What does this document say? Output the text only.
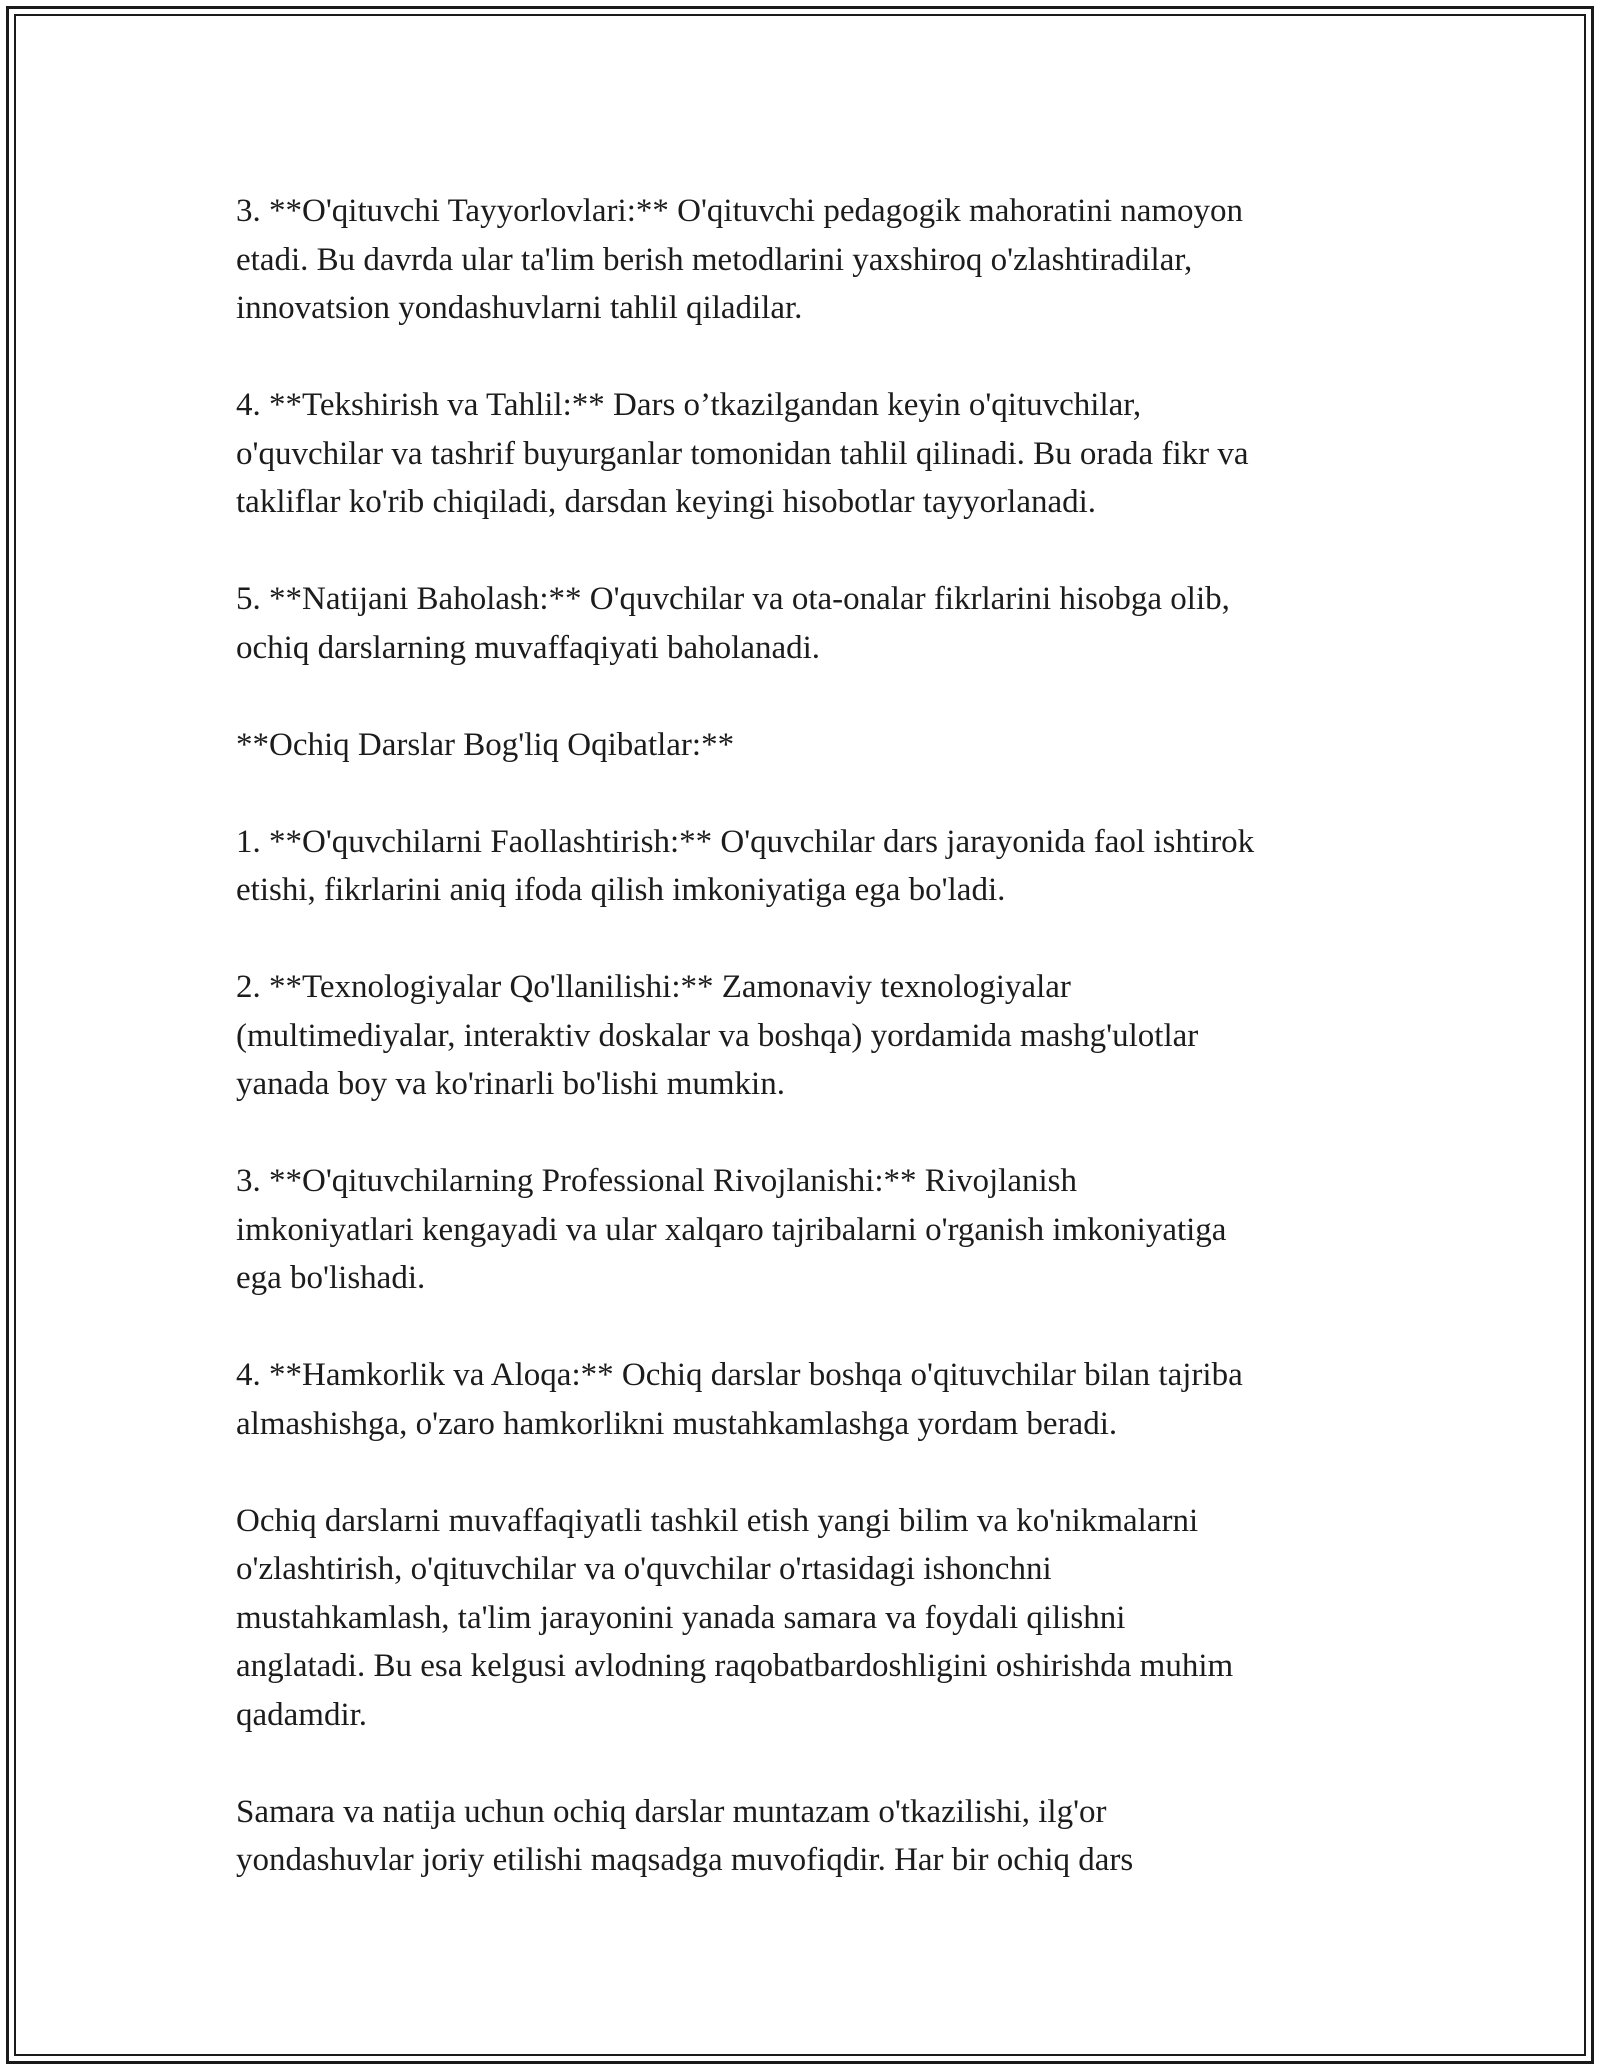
3. **O'qituvchi Tayyorlovlari:** O'qituvchi pedagogik mahoratini namoyon
etadi. Bu davrda ular ta'lim berish metodlarini yaxshiroq o'zlashtiradilar,
innovatsion yondashuvlarni tahlil qiladilar.

4. **Tekshirish va Tahlil:** Dars o’tkazilgandan keyin o'qituvchilar,
o'quvchilar va tashrif buyurganlar tomonidan tahlil qilinadi. Bu orada fikr va
takliflar ko'rib chiqiladi, darsdan keyingi hisobotlar tayyorlanadi.

5. **Natijani Baholash:** O'quvchilar va ota-onalar fikrlarini hisobga olib,
ochiq darslarning muvaffaqiyati baholanadi.

**Ochiq Darslar Bog'liq Oqibatlar:**

1. **O'quvchilarni Faollashtirish:** O'quvchilar dars jarayonida faol ishtirok
etishi, fikrlarini aniq ifoda qilish imkoniyatiga ega bo'ladi.

2. **Texnologiyalar Qo'llanilishi:** Zamonaviy texnologiyalar
(multimediyalar, interaktiv doskalar va boshqa) yordamida mashg'ulotlar
yanada boy va ko'rinarli bo'lishi mumkin.

3. **O'qituvchilarning Professional Rivojlanishi:** Rivojlanish
imkoniyatlari kengayadi va ular xalqaro tajribalarni o'rganish imkoniyatiga
ega bo'lishadi.

4. **Hamkorlik va Aloqa:** Ochiq darslar boshqa o'qituvchilar bilan tajriba
almashishga, o'zaro hamkorlikni mustahkamlashga yordam beradi.

Ochiq darslarni muvaffaqiyatli tashkil etish yangi bilim va ko'nikmalarni
o'zlashtirish, o'qituvchilar va o'quvchilar o'rtasidagi ishonchni
mustahkamlash, ta'lim jarayonini yanada samara va foydali qilishni
anglatadi. Bu esa kelgusi avlodning raqobatbardoshligini oshirishda muhim
qadamdir.

Samara va natija uchun ochiq darslar muntazam o'tkazilishi, ilg'or
yondashuvlar joriy etilishi maqsadga muvofiqdir. Har bir ochiq dars
